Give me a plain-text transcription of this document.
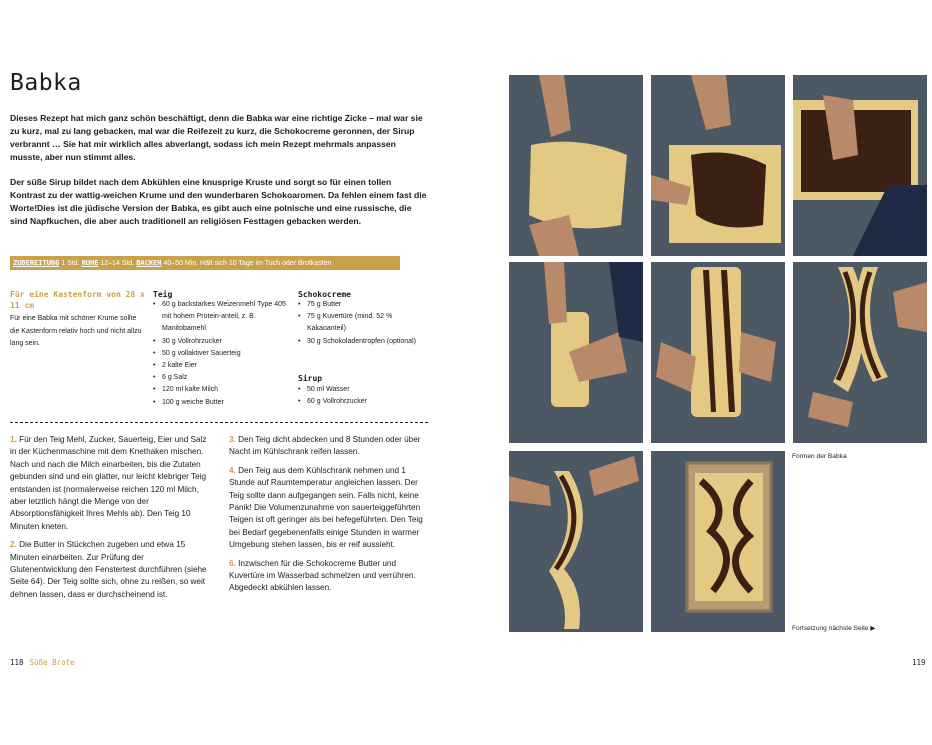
Babka

Dieses Rezept hat mich ganz schön beschäftigt, denn die Babka war eine richtige Zicke – mal war sie zu kurz, mal zu lang gebacken, mal war die Reifezeit zu kurz, die Schokocreme geronnen, der Sirup verbrannt … Sie hat mir wirklich alles abverlangt, sodass ich mein Rezept mehrmals anpassen musste, aber nun stimmt alles.

Der süße Sirup bildet nach dem Abkühlen eine knusprige Kruste und sorgt so für einen tollen Kontrast zu der wattig-weichen Krume und den wunderbaren Schokoaromen. Da fehlen einem fast die Worte!Dies ist die jüdische Version der Babka, es gibt auch eine polnische und eine russische, die sind Napfkuchen, die aber auch traditionell an religiösen Festtagen gebacken werden.

ZUBEREITUNG 1 Std. RUHE 12–14 Std. BACKEN 40–50 Min. Hält sich 10 Tage im Tuch oder Brotkasten
Für eine Kastenform von 28 x 11 cm
Für eine Babka mit schöner Krume sollte die Kastenform relativ hoch und nicht allzu lang sein.
Teig
• 60 g backstarkes Weizenmehl Type 405 mit hohem Protein-anteil, z. B. Manitobamehl
• 30 g Vollrohrzucker
• 50 g vollaktiver Sauerteig
• 2 kalte Eier
• 6 g Salz
• 120 ml kalte Milch
• 100 g weiche Butter
Schokocreme
• 75 g Butter
• 75 g Kuvertüre (mind. 52 % Kakaoanteil)
• 30 g Schokoladentropfen (optional)
Sirup
• 50 ml Wasser
• 60 g Vollrohrzucker

1. Für den Teig Mehl, Zucker, Sauerteig, Eier und Salz in der Küchenmaschine mit dem Knethaken mischen. Nach und nach die Milch einarbeiten, bis die Zutaten gebunden sind und ein glatter, nur leicht klebriger Teig entstanden ist (normalerweise reichen 120 ml Milch, aber letztlich hängt die Menge von der Absorptionsfähigkeit Ihres Mehls ab). Den Teig 10 Minuten kneten.

2. Die Butter in Stückchen zugeben und etwa 15 Minuten einarbeiten. Zur Prüfung der Glutenentwicklung den Fenstertest durchführen (siehe Seite 64). Der Teig sollte sich, ohne zu reißen, so weit dehnen lassen, dass er durchscheinend ist.

3. Den Teig dicht abdecken und 8 Stunden oder über Nacht im Kühlschrank reifen lassen.

4. Den Teig aus dem Kühlschrank nehmen und 1 Stunde auf Raumtemperatur angleichen lassen. Der Teig sollte dann aufgegangen sein. Falls nicht, keine Panik! Die Volumenzunahme von sauerteiggeführten Teigen ist oft geringer als bei hefegeführten. Den Teig bei Bedarf gegebenenfalls einige Stunden in warmer Umgebung stehen lassen, bis er reif aussieht.

6. Inzwischen für die Schokocreme Butter und Kuvertüre im Wasserbad schmelzen und verrühren. Abgedeckt abkühlen lassen.

118 Süße Brote	119
Formen der Babka
Fortsetzung nächste Seite ▶
